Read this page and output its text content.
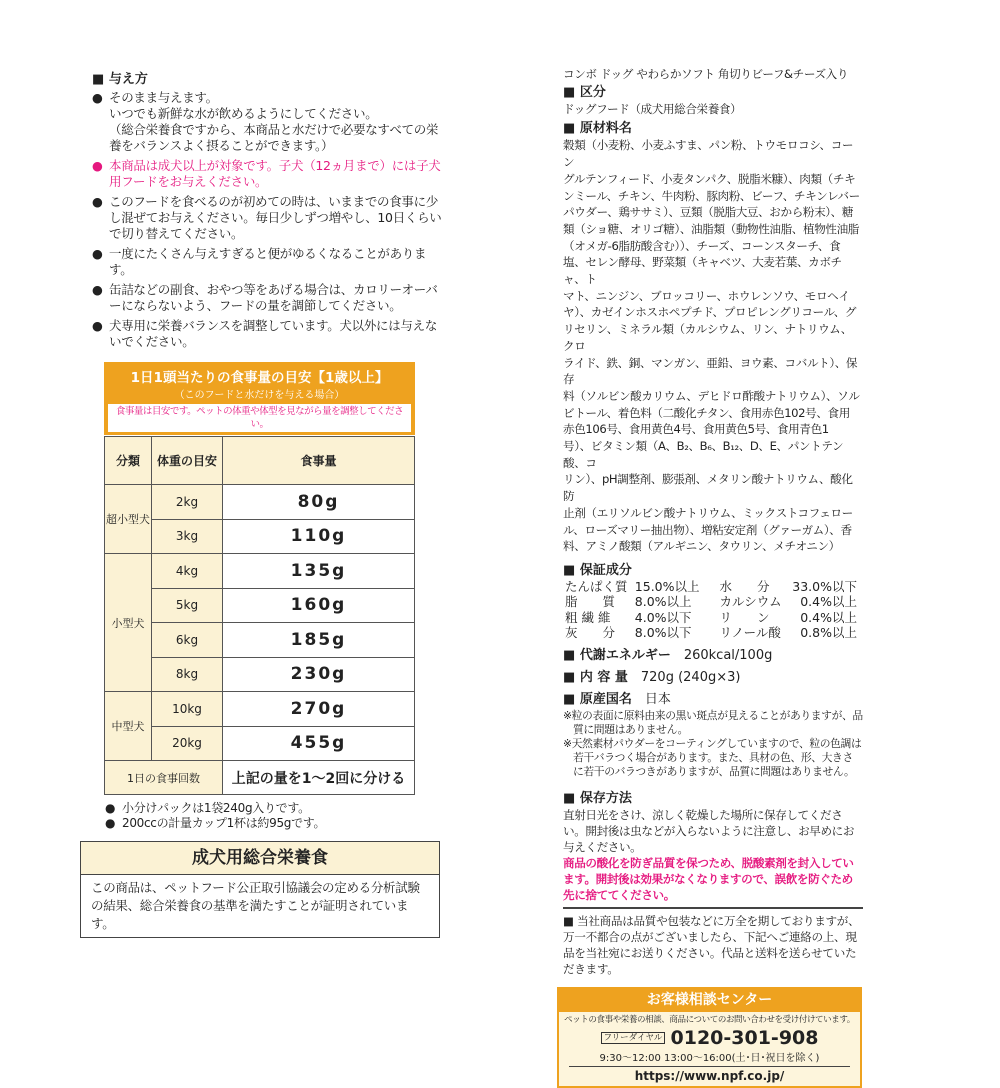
■ 与え方
● そのまま与えます。
いつでも新鮮な水が飲めるようにしてください。
（総合栄養食ですから、本商品と水だけで必要なすべての栄養をバランスよく摂ることができます。）
● 本商品は成犬以上が対象です。子犬（12ヵ月まで）には子犬用フードをお与えください。
● このフードを食べるのが初めての時は、いままでの食事に少し混ぜてお与えください。毎日少しずつ増やし、10日くらいで切り替えてください。
● 一度にたくさん与えすぎると便がゆるくなることがあります。
● 缶詰などの副食、おやつ等をあげる場合は、カロリーオーバーにならないよう、フードの量を調節してください。
● 犬専用に栄養バランスを調整しています。犬以外には与えないでください。
1日1頭当たりの食事量の目安【1歳以上】
（このフードと水だけを与える場合）
食事量は目安です。ペットの体重や体型を見ながら量を調整してください。
分類	体重の目安	食事量
超小型犬	2kg	80g
	3kg	110g
小型犬	4kg	135g
	5kg	160g
	6kg	185g
	8kg	230g
中型犬	10kg	270g
	20kg	455g
1日の食事回数		上記の量を1～2回に分ける
● 小分けパックは1袋240g入りです。
● 200ccの計量カップ1杯は約95gです。
成犬用総合栄養食
この商品は、ペットフード公正取引協議会の定める分析試験の結果、総合栄養食の基準を満たすことが証明されています。
コンボ ドッグ やわらかソフト 角切りビーフ&チーズ入り
■ 区分
ドッグフード（成犬用総合栄養食）
■ 原材料名
穀類（小麦粉、小麦ふすま、パン粉、トウモロコシ、コーン
グルテンフィード、小麦タンパク、脱脂米糠）、肉類（チキ
ンミール、チキン、牛肉粉、豚肉粉、ビーフ、チキンレバー
パウダー、鶏ササミ）、豆類（脱脂大豆、おから粉末）、糖
類（ショ糖、オリゴ糖）、油脂類（動物性油脂、植物性油脂
（オメガ-6脂肪酸含む））、チーズ、コーンスターチ、食
塩、セレン酵母、野菜類（キャベツ、大麦若葉、カボチャ、ト
マト、ニンジン、ブロッコリー、ホウレンソウ、モロヘイ
ヤ）、カゼインホスホペプチド、プロピレングリコール、グ
リセリン、ミネラル類（カルシウム、リン、ナトリウム、クロ
ライド、鉄、銅、マンガン、亜鉛、ヨウ素、コバルト）、保存
料（ソルビン酸カリウム、デヒドロ酢酸ナトリウム）、ソル
ビトール、着色料（二酸化チタン、食用赤色102号、食用
赤色106号、食用黄色4号、食用黄色5号、食用青色1
号）、ビタミン類（A、B₂、B₆、B₁₂、D、E、パントテン酸、コ
リン）、pH調整剤、膨張剤、メタリン酸ナトリウム、酸化防
止剤（エリソルビン酸ナトリウム、ミックストコフェロー
ル、ローズマリー抽出物）、増粘安定剤（グァーガム）、香
料、アミノ酸類（アルギニン、タウリン、メチオニン）
■ 保証成分
たんぱく質	15.0%以上	水　　分	33.0%以下
脂　　質	8.0%以上	カルシウム	0.4%以上
粗 繊 維	4.0%以下	リ　　ン	0.4%以上
灰　　分	8.0%以下	リノール酸	0.8%以上
■ 代謝エネルギー　 260kcal/100g
■ 内 容 量　 720g (240g×3)
■ 原産国名　 日本
※粒の表面に原料由来の黒い斑点が見えることがありますが、品質に問題はありません。
※天然素材パウダーをコーティングしていますので、粒の色調は若干バラつく場合があります。また、具材の色、形、大きさに若干のバラつきがありますが、品質に問題はありません。
■ 保存方法
直射日光をさけ、涼しく乾燥した場所に保存してください。開封後は虫などが入らないように注意し、お早めにお与えください。
商品の酸化を防ぎ品質を保つため、脱酸素剤を封入しています。開封後は効果がなくなりますので、誤飲を防ぐため先に捨ててください。
■ 当社商品は品質や包装などに万全を期しておりますが、万一不都合の点がございましたら、下記へご連絡の上、現品を当社宛にお送りください。代品と送料を送らせていただきます。
お客様相談センター
ペットの食事や栄養の相談、商品についてのお問い合わせを受け付けています。
$^{フリーダイヤル}$ 0120-301-908
9:30～12:00 13:00～16:00(土･日･祝日を除く)
https://www.npf.co.jp/
